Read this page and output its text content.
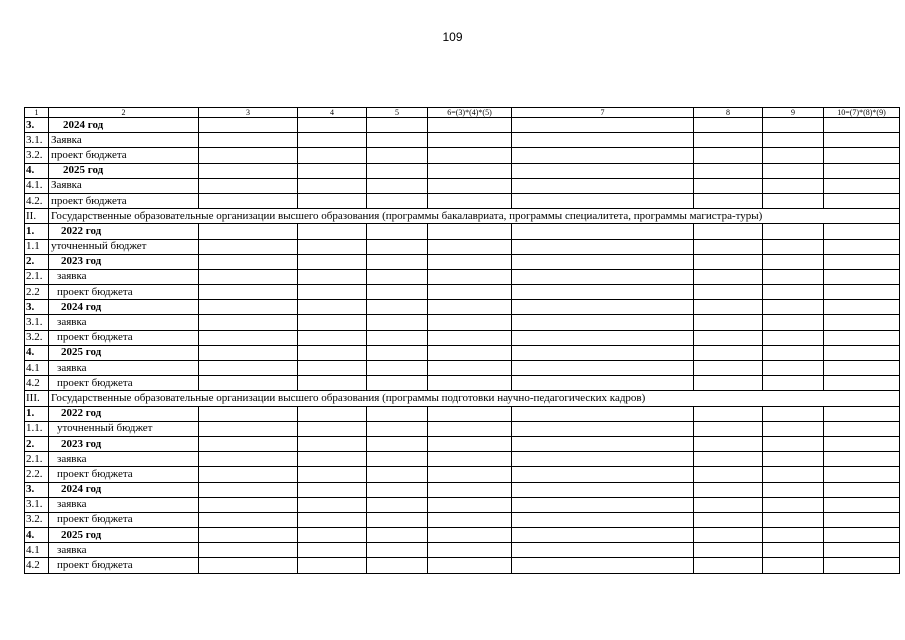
109
1	2	3	4	5	6=(3)*(4)*(5)	7	8	9	10=(7)*(8)*(9)
3.	2024 год								
3.1.	Заявка								
3.2.	проект бюджета								
4.	2025 год								
4.1.	Заявка								
4.2.	проект бюджета								
II.	Государственные образовательные организации высшего образования (программы бакалавриата, программы специалитета, программы магистра-туры)								
1.	2022 год								
1.1	уточненный бюджет								
2.	2023 год								
2.1.	заявка								
2.2	проект бюджета								
3.	2024 год								
3.1.	заявка								
3.2.	проект бюджета								
4.	2025 год								
4.1	заявка								
4.2	проект бюджета								
III.	Государственные образовательные организации высшего образования (программы подготовки научно-педагогических кадров)								
1.	2022 год								
1.1.	уточненный бюджет								
2.	2023 год								
2.1.	заявка								
2.2.	проект бюджета								
3.	2024 год								
3.1.	заявка								
3.2.	проект бюджета								
4.	2025 год								
4.1	заявка								
4.2	проект бюджета								
